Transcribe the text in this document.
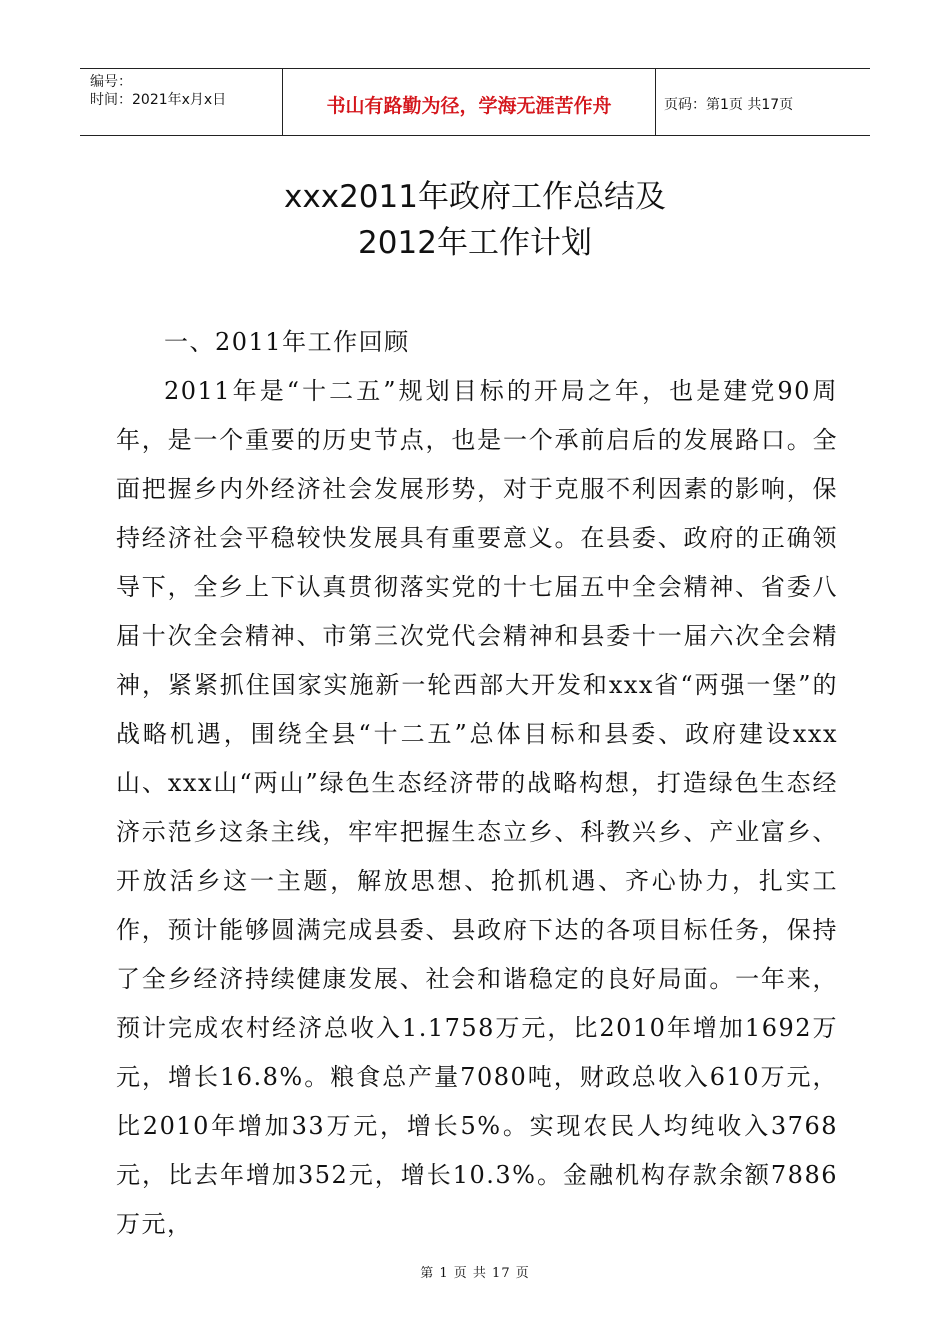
编号：
时间：2021年x月x日	书山有路勤为径，学海无涯苦作舟	页码：第1页 共17页
xxx2011年政府工作总结及
2012年工作计划

一、2011年工作回顾

2011年是“十二五”规划目标的开局之年，也是建党90周年，是一个重要的历史节点，也是一个承前启后的发展路口。全面把握乡内外经济社会发展形势，对于克服不利因素的影响，保持经济社会平稳较快发展具有重要意义。在县委、政府的正确领导下，全乡上下认真贯彻落实党的十七届五中全会精神、省委八届十次全会精神、市第三次党代会精神和县委十一届六次全会精神，紧紧抓住国家实施新一轮西部大开发和xxx省“两强一堡”的战略机遇，围绕全县“十二五”总体目标和县委、政府建设xxx山、xxx山“两山”绿色生态经济带的战略构想，打造绿色生态经济示范乡这条主线，牢牢把握生态立乡、科教兴乡、产业富乡、开放活乡这一主题，解放思想、抢抓机遇、齐心协力，扎实工作，预计能够圆满完成县委、县政府下达的各项目标任务，保持了全乡经济持续健康发展、社会和谐稳定的良好局面。一年来，预计完成农村经济总收入1.1758万元，比2010年增加1692万元，增长16.8%。粮食总产量7080吨，财政总收入610万元，比2010年增加33万元，增长5%。实现农民人均纯收入3768元，比去年增加352元，增长10.3%。金融机构存款余额7886万元，

第 1 页 共 17 页
